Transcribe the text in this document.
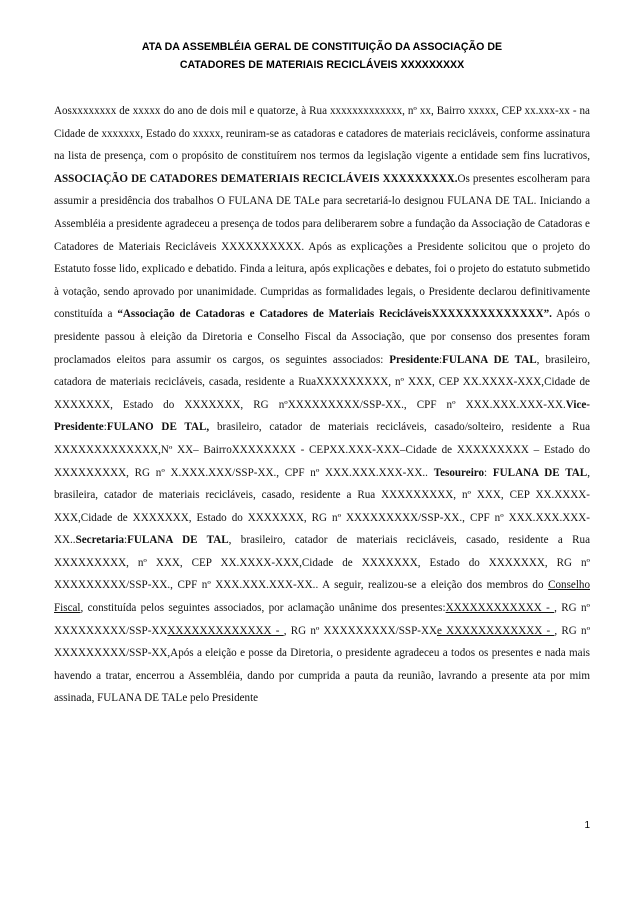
ATA DA ASSEMBLÉIA GERAL DE CONSTITUIÇÃO DA ASSOCIAÇÃO DE
CATADORES DE MATERIAIS RECICLÁVEIS XXXXXXXXX
Aosxxxxxxxx de xxxxx do ano de dois mil e quatorze, à Rua xxxxxxxxxxxxx, nº xx, Bairro xxxxx, CEP xx.xxx-xx - na Cidade de xxxxxxx, Estado do xxxxx, reuniram-se as catadoras e catadores de materiais recicláveis, conforme assinatura na lista de presença, com o propósito de constituírem nos termos da legislação vigente a entidade sem fins lucrativos, ASSOCIAÇÃO DE CATADORES DEMATERIAIS RECICLÁVEIS XXXXXXXXX.Os presentes escolheram para assumir a presidência dos trabalhos O FULANA DE TALe para secretariá-lo designou FULANA DE TAL. Iniciando a Assembléia a presidente agradeceu a presença de todos para deliberarem sobre a fundação da Associação de Catadoras e Catadores de Materiais Recicláveis XXXXXXXXXX. Após as explicações a Presidente solicitou que o projeto do Estatuto fosse lido, explicado e debatido. Finda a leitura, após explicações e debates, foi o projeto do estatuto submetido à votação, sendo aprovado por unanimidade. Cumpridas as formalidades legais, o Presidente declarou definitivamente constituída a “Associação de Catadoras e Catadores de Materiais RecicláveisXXXXXXXXXXXXXX”. Após o presidente passou à eleição da Diretoria e Conselho Fiscal da Associação, que por consenso dos presentes foram proclamados eleitos para assumir os cargos, os seguintes associados: Presidente:FULANA DE TAL, brasileiro, catadora de materiais recicláveis, casada, residente a RuaXXXXXXXXX, nº XXX, CEP XX.XXXX-XXX,Cidade de XXXXXXX, Estado do XXXXXXX, RG nºXXXXXXXXX/SSP-XX., CPF nº XXX.XXX.XXX-XX.Vice-Presidente:FULANO DE TAL, brasileiro, catador de materiais recicláveis, casado/solteiro, residente a Rua XXXXXXXXXXXXX,Nº XX– BairroXXXXXXXX - CEPXX.XXX-XXX–Cidade de XXXXXXXXX – Estado do XXXXXXXXX, RG nº X.XXX.XXX/SSP-XX., CPF nº XXX.XXX.XXX-XX.. Tesoureiro: FULANA DE TAL, brasileira, catador de materiais recicláveis, casado, residente a Rua XXXXXXXXX, nº XXX, CEP XX.XXXX-XXX,Cidade de XXXXXXX, Estado do XXXXXXX, RG nº XXXXXXXXX/SSP-XX., CPF nº XXX.XXX.XXX-XX..Secretaria:FULANA DE TAL, brasileiro, catador de materiais recicláveis, casado, residente a Rua XXXXXXXXX, nº XXX, CEP XX.XXXX-XXX,Cidade de XXXXXXX, Estado do XXXXXXX, RG nº XXXXXXXXX/SSP-XX., CPF nº XXX.XXX.XXX-XX.. A seguir, realizou-se a eleição dos membros do Conselho Fiscal, constituída pelos seguintes associados, por aclamação unânime dos presentes:XXXXXXXXXXXX - , RG nº XXXXXXXXX/SSP-XXXXXXXXXXXXXXX - , RG nº XXXXXXXXX/SSP-XXe XXXXXXXXXXXX - , RG nº XXXXXXXXX/SSP-XX,Após a eleição e posse da Diretoria, o presidente agradeceu a todos os presentes e nada mais havendo a tratar, encerrou a Assembléia, dando por cumprida a pauta da reunião, lavrando a presente ata por mim assinada, FULANA DE TALe pelo Presidente
1
